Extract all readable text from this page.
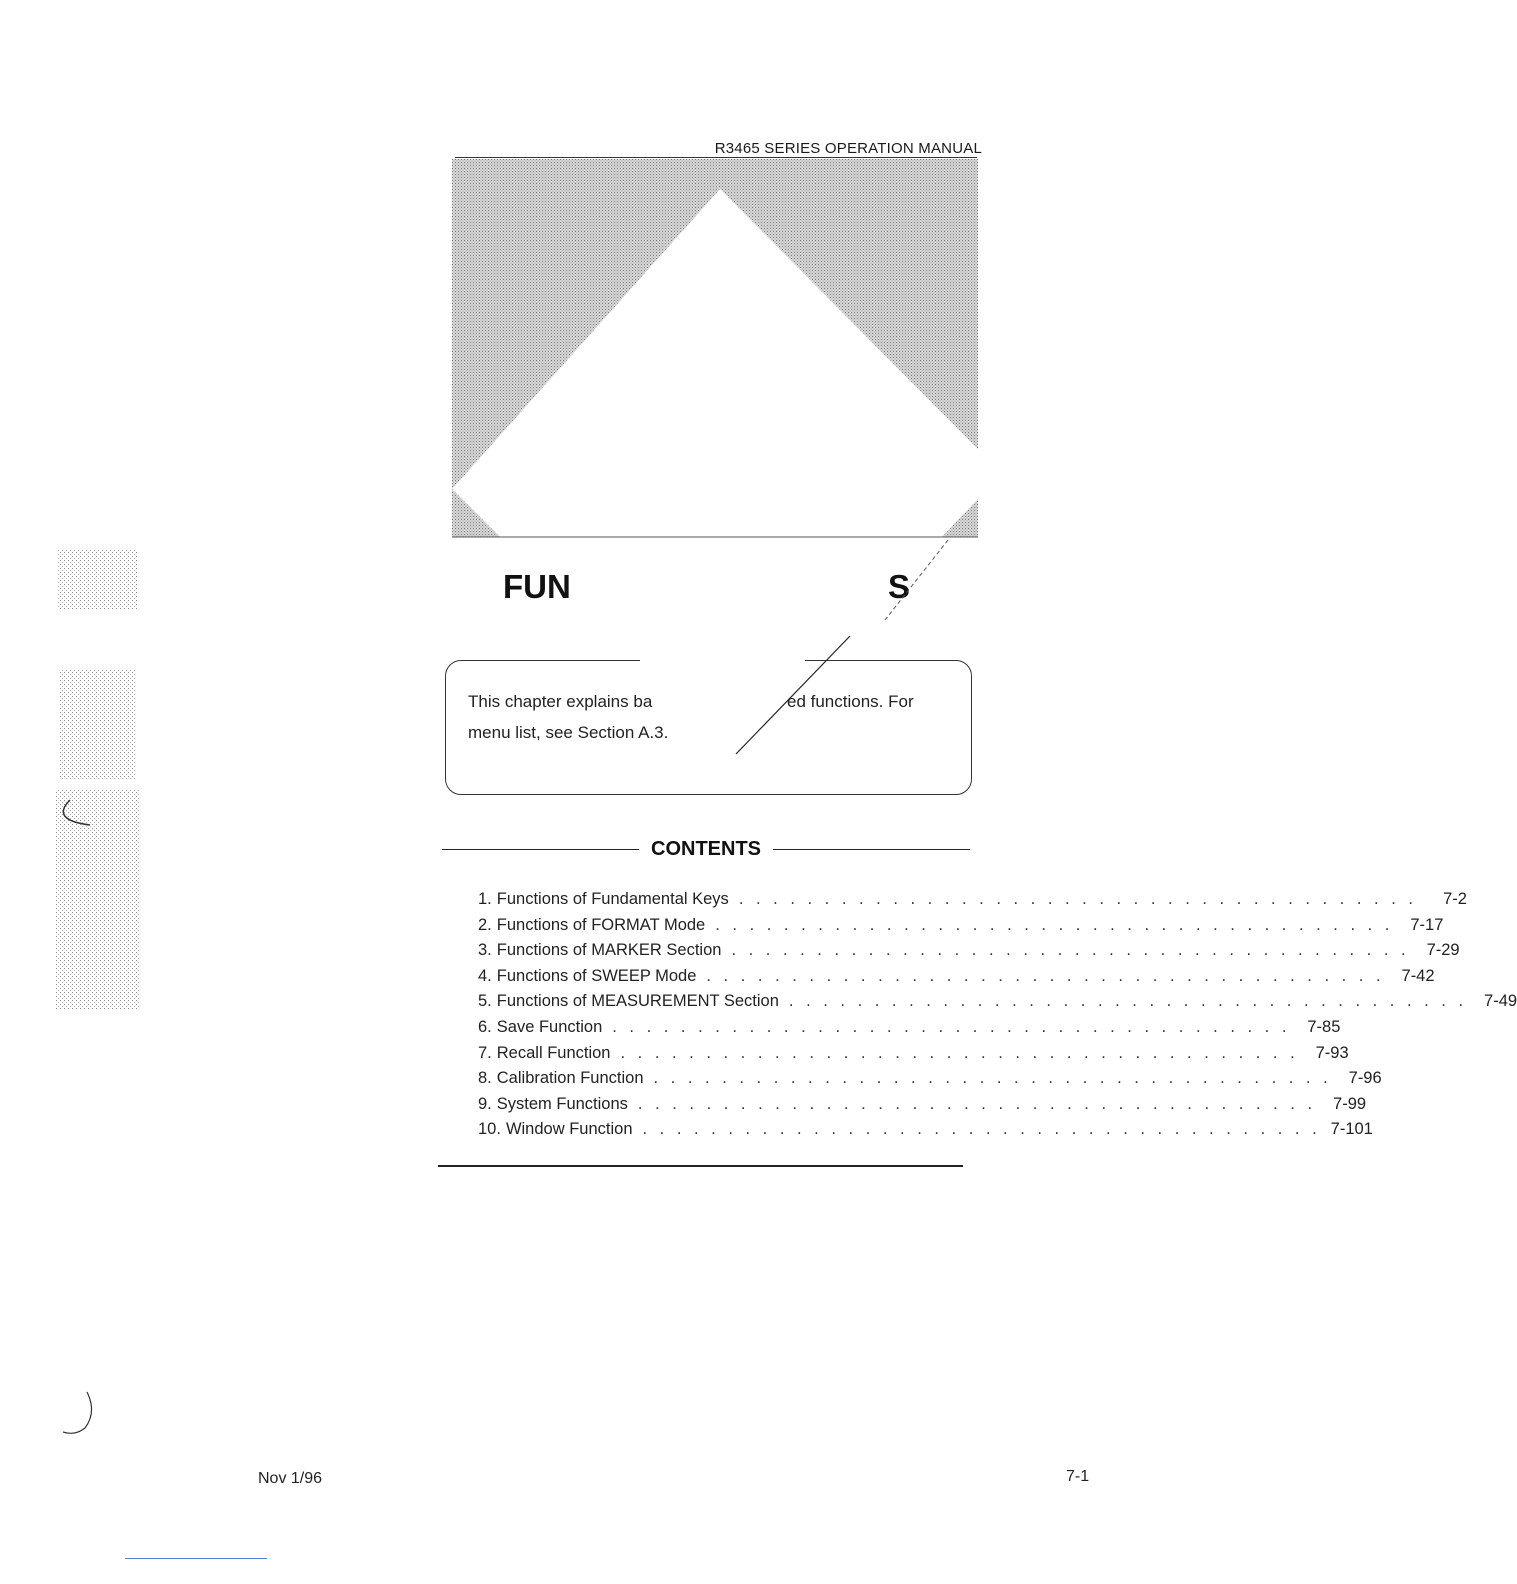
R3465 SERIES OPERATION MANUAL
FUN	S
This chapter explains ba	ed functions. For
menu list, see Section A.3.
CONTENTS
1. Functions of Fundamental Keys . . . . . . . . . . . . . . . . . . . . . . . . . . . . . . . . . . . . . . . .	7-2
2. Functions of FORMAT Mode . . . . . . . . . . . . . . . . . . . . . . . . . . . . . . . . . . . . . . . .	7-17
3. Functions of MARKER Section . . . . . . . . . . . . . . . . . . . . . . . . . . . . . . . . . . . . . . . .	7-29
4. Functions of SWEEP Mode . . . . . . . . . . . . . . . . . . . . . . . . . . . . . . . . . . . . . . . .	7-42
5. Functions of MEASUREMENT Section . . . . . . . . . . . . . . . . . . . . . . . . . . . . . . . . . . . . . . . .	7-49
6. Save Function . . . . . . . . . . . . . . . . . . . . . . . . . . . . . . . . . . . . . . . .	7-85
7. Recall Function . . . . . . . . . . . . . . . . . . . . . . . . . . . . . . . . . . . . . . . .	7-93
8. Calibration Function . . . . . . . . . . . . . . . . . . . . . . . . . . . . . . . . . . . . . . . .	7-96
9. System Functions . . . . . . . . . . . . . . . . . . . . . . . . . . . . . . . . . . . . . . . .	7-99
10. Window Function . . . . . . . . . . . . . . . . . . . . . . . . . . . . . . . . . . . . . . . . 7-101
Nov 1/96	7-1
